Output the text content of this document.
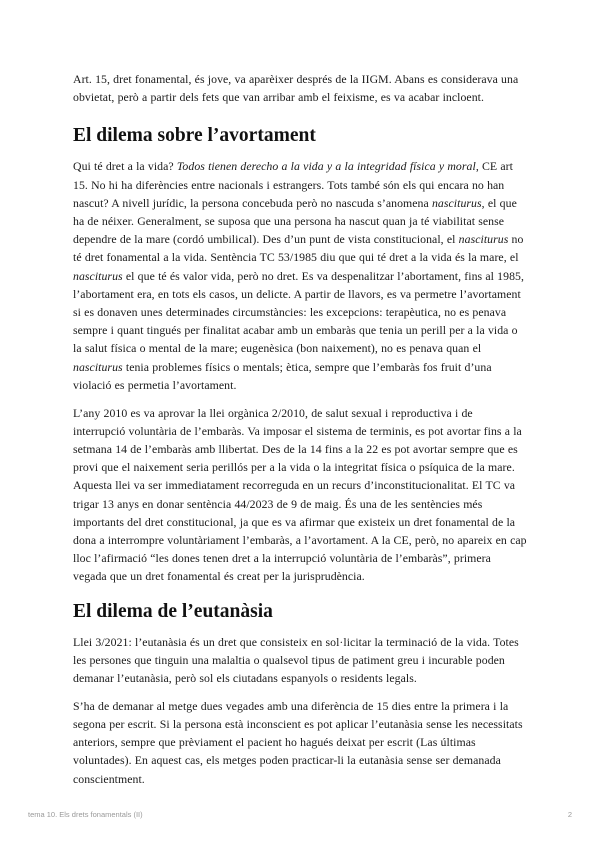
Art. 15, dret fonamental, és jove, va aparèixer després de la IIGM. Abans es considerava una obvietat, però a partir dels fets que van arribar amb el feixisme, es va acabar incloent.

El dilema sobre l’avortament

Qui té dret a la vida? Todos tienen derecho a la vida y a la integridad física y moral, CE art 15. No hi ha diferències entre nacionals i estrangers. Tots també són els qui encara no han nascut? A nivell jurídic, la persona concebuda però no nascuda s’anomena nasciturus, el que ha de néixer. Generalment, se suposa que una persona ha nascut quan ja té viabilitat sense dependre de la mare (cordó umbilical). Des d’un punt de vista constitucional, el nasciturus no té dret fonamental a la vida. Sentència TC 53/1985 diu que qui té dret a la vida és la mare, el nasciturus el que té és valor vida, però no dret. Es va despenalitzar l’abortament, fins al 1985, l’abortament era, en tots els casos, un delicte. A partir de llavors, es va permetre l’avortament si es donaven unes determinades circumstàncies: les excepcions: terapèutica, no es penava sempre i quant tingués per finalitat acabar amb un embaràs que tenia un perill per a la vida o la salut física o mental de la mare; eugenèsica (bon naixement), no es penava quan el nasciturus tenia problemes físics o mentals; ètica, sempre que l’embaràs fos fruit d’una violació es permetia l’avortament.

L’any 2010 es va aprovar la llei orgànica 2/2010, de salut sexual i reproductiva i de interrupció voluntària de l’embaràs. Va imposar el sistema de terminis, es pot avortar fins a la setmana 14 de l’embaràs amb llibertat. Des de la 14 fins a la 22 es pot avortar sempre que es provi que el naixement seria perillós per a la vida o la integritat física o psíquica de la mare. Aquesta llei va ser immediatament recorreguda en un recurs d’inconstitucionalitat. El TC va trigar 13 anys en donar sentència 44/2023 de 9 de maig. És una de les sentències més importants del dret constitucional, ja que es va afirmar que existeix un dret fonamental de la dona a interrompre voluntàriament l’embaràs, a l’avortament. A la CE, però, no apareix en cap lloc l’afirmació “les dones tenen dret a la interrupció voluntària de l’embaràs”, primera vegada que un dret fonamental és creat per la jurisprudència.

El dilema de l’eutanàsia

Llei 3/2021: l’eutanàsia és un dret que consisteix en sol·licitar la terminació de la vida. Totes les persones que tinguin una malaltia o qualsevol tipus de patiment greu i incurable poden demanar l’eutanàsia, però sol els ciutadans espanyols o residents legals.

S’ha de demanar al metge dues vegades amb una diferència de 15 dies entre la primera i la segona per escrit. Si la persona està inconscient es pot aplicar l’eutanàsia sense les necessitats anteriors, sempre que prèviament el pacient ho hagués deixat per escrit (Las últimas voluntades). En aquest cas, els metges poden practicar-li la eutanàsia sense ser demanada conscientment.

tema 10. Els drets fonamentals (II)	2
